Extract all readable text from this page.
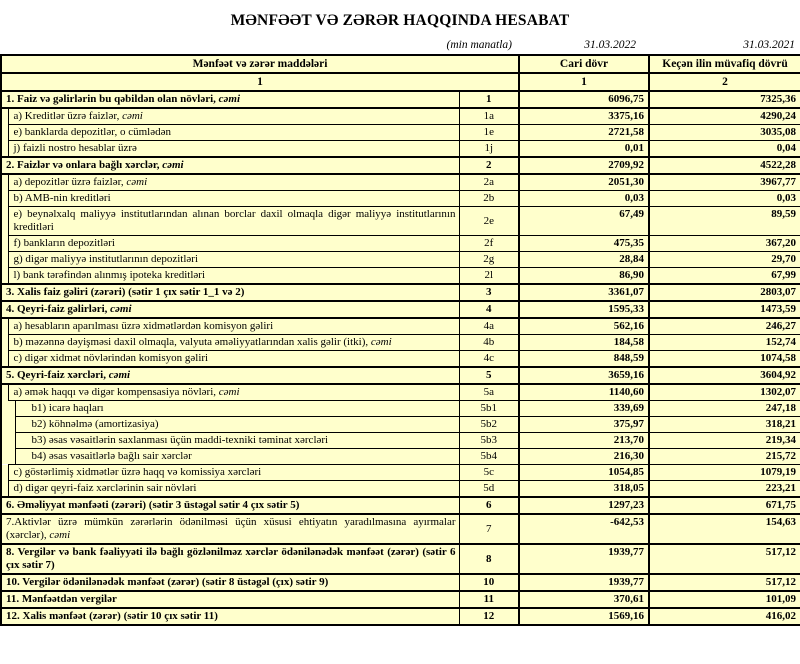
MƏNFƏƏT VƏ ZƏRƏR HAQQINDA HESABAT
(min manatla)	31.03.2022	31.03.2021
Mənfəət və zərər maddələri				Cari dövr	Keçən ilin müvafiq dövrü
1				1	2
1. Faiz və gəlirlərin bu qəbildən olan növləri, cəmi			1	6096,75	7325,36
	a) Kreditlər üzrə faizlər, cəmi		1a	3375,16	4290,24
	e) banklarda depozitlər, o cümlədən		1e	2721,58	3035,08
	j) faizli nostro hesablar üzrə		1j	0,01	0,04
2. Faizlər və onlara bağlı xərclər, cəmi			2	2709,92	4522,28
	a) depozitlər üzrə faizlər, cəmi		2a	2051,30	3967,77
	b) AMB-nin kreditləri		2b	0,03	0,03
	e) beynəlxalq maliyyə institutlarından alınan borclar daxil olmaqla digər maliyyə institutlarının kreditləri		2e	67,49	89,59
	f) bankların depozitləri		2f	475,35	367,20
	g) digər maliyyə institutlarının depozitləri		2g	28,84	29,70
	l) bank tərəfindən alınmış ipoteka kreditləri		2l	86,90	67,99
3. Xalis faiz gəliri (zərəri) (sətir 1 çıx sətir 1_1 və 2)			3	3361,07	2803,07
4. Qeyri-faiz gəlirləri, cəmi			4	1595,33	1473,59
	a) hesabların aparılması üzrə xidmətlərdən komisyon gəliri		4a	562,16	246,27
	b) məzənnə dəyişməsi daxil olmaqla, valyuta əməliyyatlarından xalis gəlir (itki), cəmi		4b	184,58	152,74
	c) digər xidmət növlərindən komisyon gəliri		4c	848,59	1074,58
5. Qeyri-faiz xərcləri, cəmi			5	3659,16	3604,92
	a) əmək haqqı və digər kompensasiya növləri, cəmi		5a	1140,60	1302,07
		b1) icarə haqları	5b1	339,69	247,18
		b2) köhnəlmə (amortizasiya)	5b2	375,97	318,21
		b3) əsas vəsaitlərin saxlanması üçün maddi-texniki təminat xərcləri	5b3	213,70	219,34
		b4) əsas vəsaitlərlə bağlı sair xərclər	5b4	216,30	215,72
	c) göstərlimiş xidmətlər üzrə haqq və komissiya xərcləri		5c	1054,85	1079,19
	d) digər qeyri-faiz xərclərinin sair növləri		5d	318,05	223,21
6. Əməliyyat mənfəəti (zərəri) (sətir 3 üstəgəl sətir 4 çıx sətir 5)			6	1297,23	671,75
7.Aktivlər üzrə mümkün zərərlərin ödənilməsi üçün xüsusi ehtiyatın yaradılmasına ayırmalar (xərclər), cəmi			7	-642,53	154,63
8. Vergilər və bank fəaliyyəti ilə bağlı gözlənilməz xərclər ödənilənədək mənfəət (zərər) (sətir 6 çıx sətir 7)			8	1939,77	517,12
10. Vergilər ödənilənədək mənfəət (zərər) (sətir 8 üstəgəl (çıx) sətir 9)			10	1939,77	517,12
11. Mənfəətdən vergilər			11	370,61	101,09
12. Xalis mənfəət (zərər) (sətir 10 çıx sətir 11)			12	1569,16	416,02
